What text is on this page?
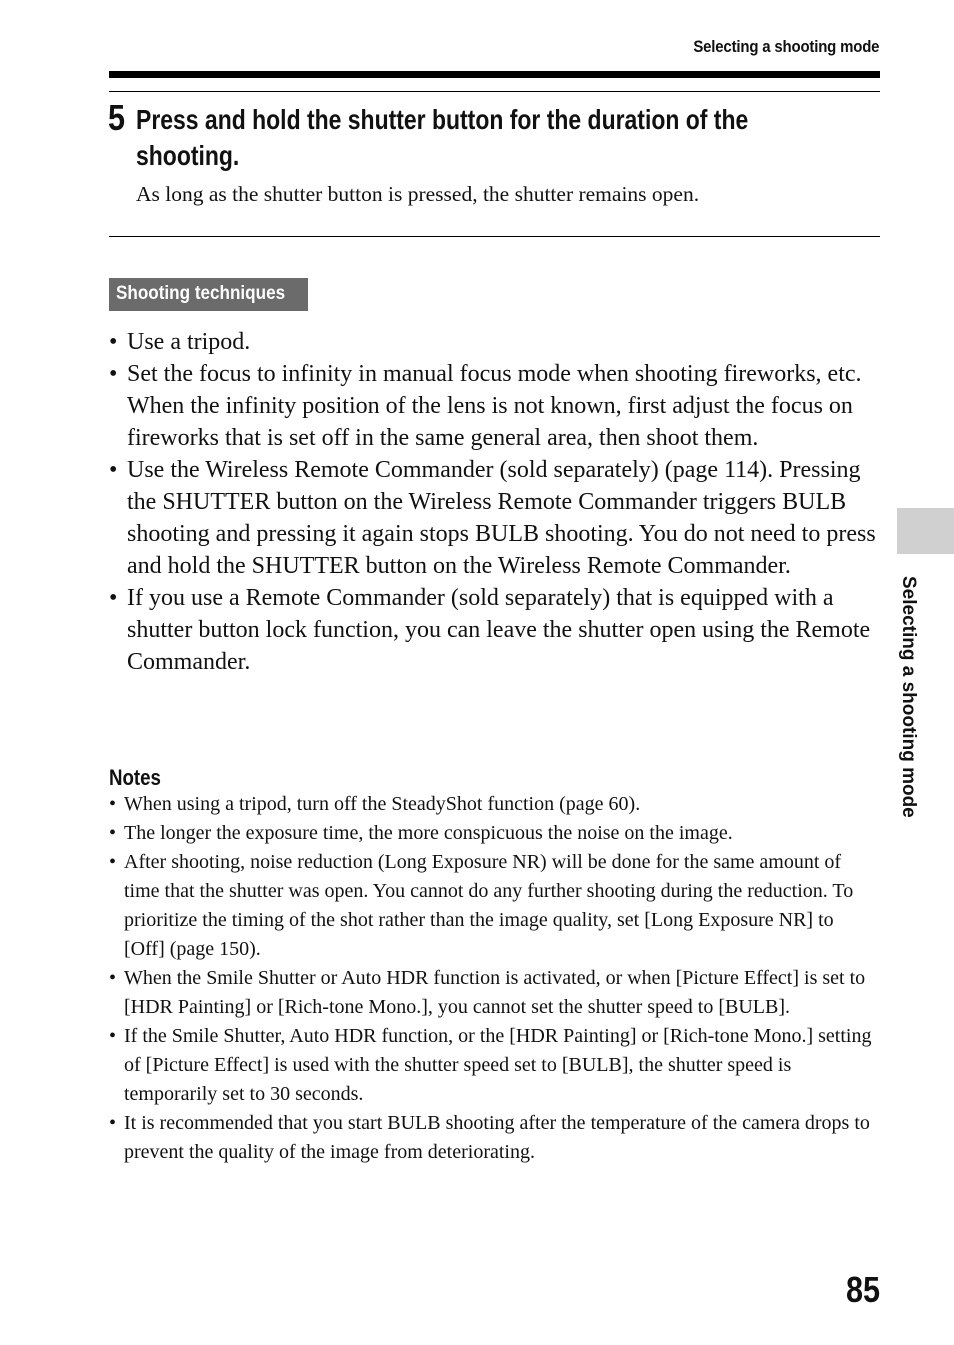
Selecting a shooting mode
5 Press and hold the shutter button for the duration of the shooting.
As long as the shutter button is pressed, the shutter remains open.
Shooting techniques
• Use a tripod.
• Set the focus to infinity in manual focus mode when shooting fireworks, etc. When the infinity position of the lens is not known, first adjust the focus on fireworks that is set off in the same general area, then shoot them.
• Use the Wireless Remote Commander (sold separately) (page 114). Pressing the SHUTTER button on the Wireless Remote Commander triggers BULB shooting and pressing it again stops BULB shooting. You do not need to press and hold the SHUTTER button on the Wireless Remote Commander.
• If you use a Remote Commander (sold separately) that is equipped with a shutter button lock function, you can leave the shutter open using the Remote Commander.
Notes
• When using a tripod, turn off the SteadyShot function (page 60).
• The longer the exposure time, the more conspicuous the noise on the image.
• After shooting, noise reduction (Long Exposure NR) will be done for the same amount of time that the shutter was open. You cannot do any further shooting during the reduction. To prioritize the timing of the shot rather than the image quality, set [Long Exposure NR] to [Off] (page 150).
• When the Smile Shutter or Auto HDR function is activated, or when [Picture Effect] is set to [HDR Painting] or [Rich-tone Mono.], you cannot set the shutter speed to [BULB].
• If the Smile Shutter, Auto HDR function, or the [HDR Painting] or [Rich-tone Mono.] setting of [Picture Effect] is used with the shutter speed set to [BULB], the shutter speed is temporarily set to 30 seconds.
• It is recommended that you start BULB shooting after the temperature of the camera drops to prevent the quality of the image from deteriorating.
Selecting a shooting mode
85
